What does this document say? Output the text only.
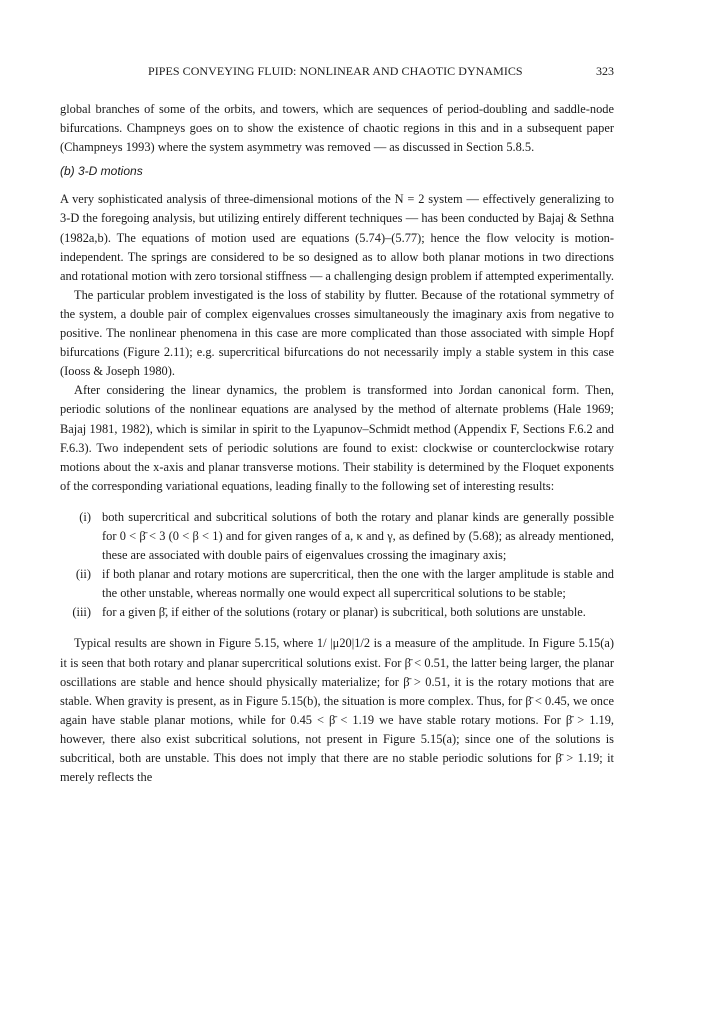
PIPES CONVEYING FLUID: NONLINEAR AND CHAOTIC DYNAMICS	323

global branches of some of the orbits, and towers, which are sequences of period-doubling and saddle-node bifurcations. Champneys goes on to show the existence of chaotic regions in this and in a subsequent paper (Champneys 1993) where the system asymmetry was removed — as discussed in Section 5.8.5.

(b) 3-D motions

A very sophisticated analysis of three-dimensional motions of the N = 2 system — effectively generalizing to 3-D the foregoing analysis, but utilizing entirely different techniques — has been conducted by Bajaj & Sethna (1982a,b). The equations of motion used are equations (5.74)–(5.77); hence the flow velocity is motion-independent. The springs are considered to be so designed as to allow both planar motions in two directions and rotational motion with zero torsional stiffness — a challenging design problem if attempted experimentally.

The particular problem investigated is the loss of stability by flutter. Because of the rotational symmetry of the system, a double pair of complex eigenvalues crosses simultaneously the imaginary axis from negative to positive. The nonlinear phenomena in this case are more complicated than those associated with simple Hopf bifurcations (Figure 2.11); e.g. supercritical bifurcations do not necessarily imply a stable system in this case (Iooss & Joseph 1980).

After considering the linear dynamics, the problem is transformed into Jordan canonical form. Then, periodic solutions of the nonlinear equations are analysed by the method of alternate problems (Hale 1969; Bajaj 1981, 1982), which is similar in spirit to the Lyapunov–Schmidt method (Appendix F, Sections F.6.2 and F.6.3). Two independent sets of periodic solutions are found to exist: clockwise or counterclockwise rotary motions about the x-axis and planar transverse motions. Their stability is determined by the Floquet exponents of the corresponding variational equations, leading finally to the following set of interesting results:

(i) both supercritical and subcritical solutions of both the rotary and planar kinds are generally possible for 0 < β̄ < 3 (0 < β < 1) and for given ranges of a, κ and γ, as defined by (5.68); as already mentioned, these are associated with double pairs of eigenvalues crossing the imaginary axis;
(ii) if both planar and rotary motions are supercritical, then the one with the larger amplitude is stable and the other unstable, whereas normally one would expect all supercritical solutions to be stable;
(iii) for a given β̄, if either of the solutions (rotary or planar) is subcritical, both solutions are unstable.

Typical results are shown in Figure 5.15, where 1/ |μ20|1/2 is a measure of the amplitude. In Figure 5.15(a) it is seen that both rotary and planar supercritical solutions exist. For β̄ < 0.51, the latter being larger, the planar oscillations are stable and hence should physically materialize; for β̄ > 0.51, it is the rotary motions that are stable. When gravity is present, as in Figure 5.15(b), the situation is more complex. Thus, for β̄ < 0.45, we once again have stable planar motions, while for 0.45 < β̄ < 1.19 we have stable rotary motions. For β̄ > 1.19, however, there also exist subcritical solutions, not present in Figure 5.15(a); since one of the solutions is subcritical, both are unstable. This does not imply that there are no stable periodic solutions for β̄ > 1.19; it merely reflects the
